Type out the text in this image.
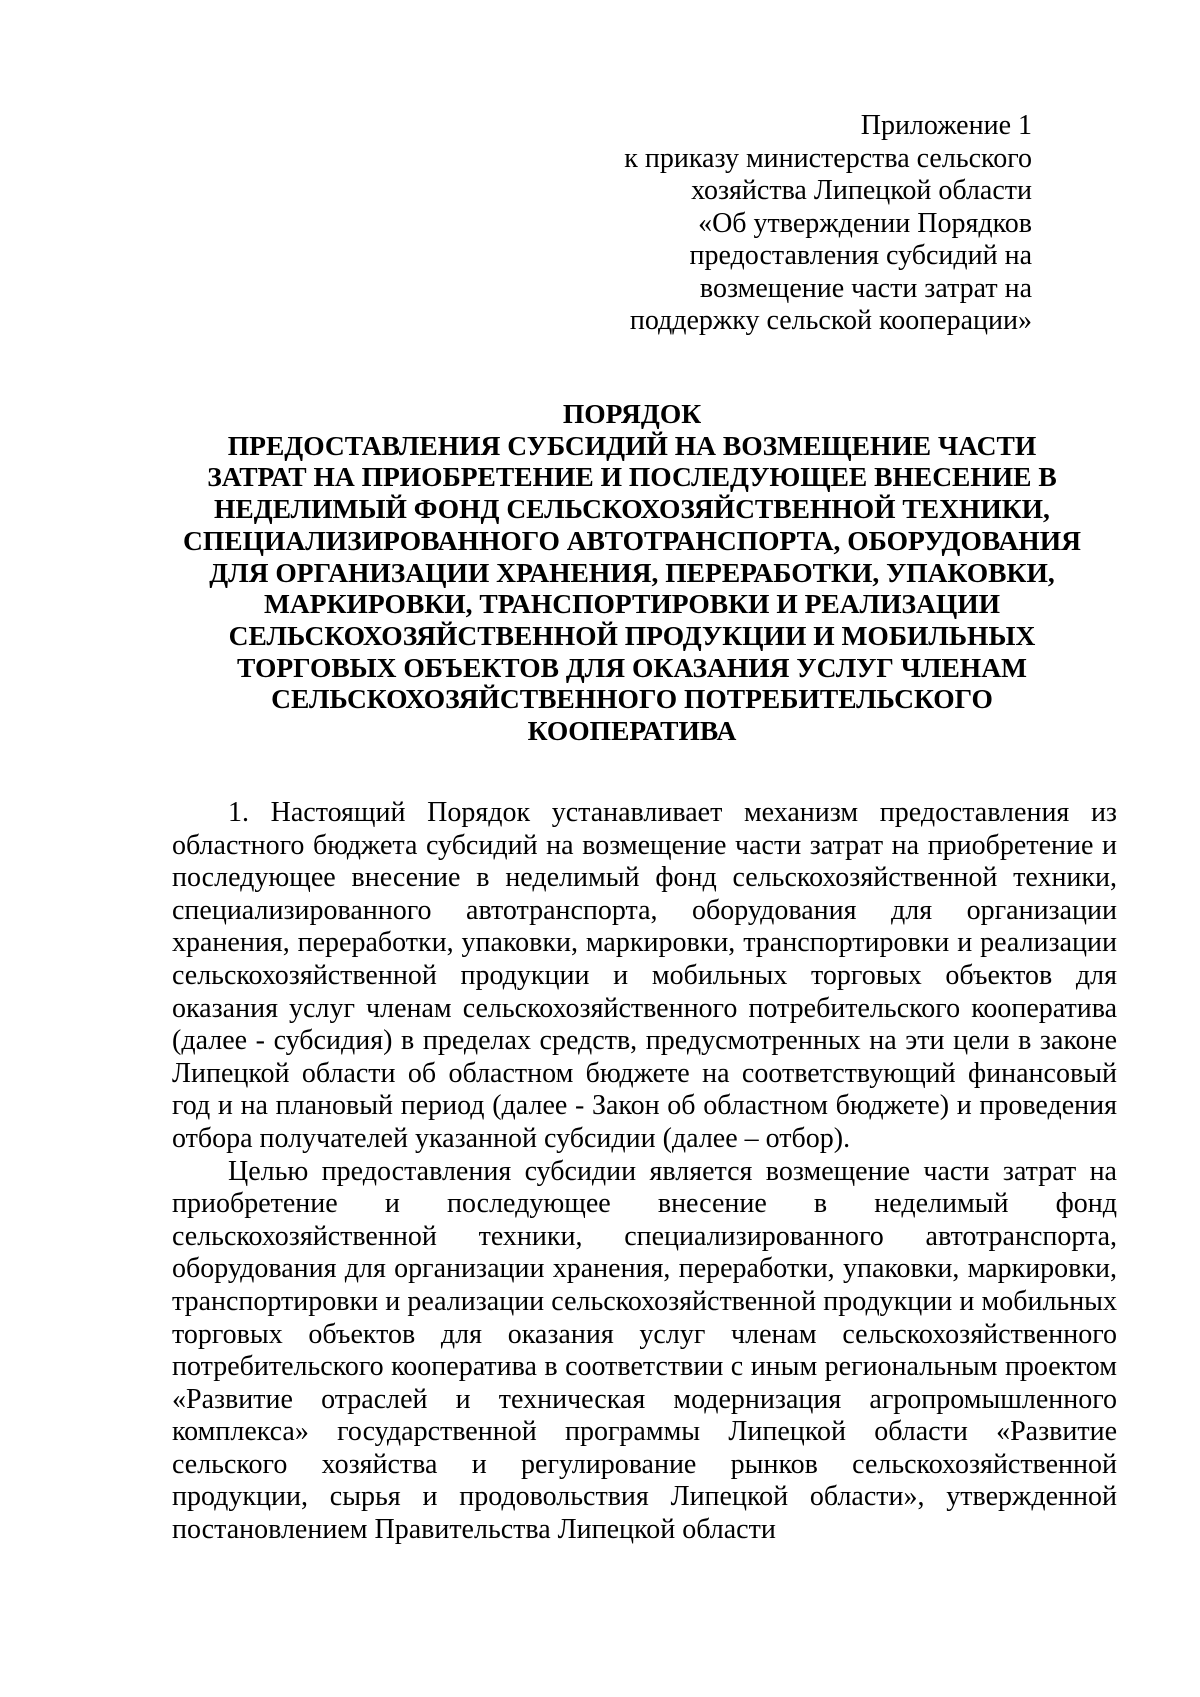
Приложение 1
к приказу министерства сельского
хозяйства Липецкой области
«Об утверждении Порядков
предоставления субсидий на
возмещение части затрат на
поддержку сельской кооперации»
ПОРЯДОК
ПРЕДОСТАВЛЕНИЯ СУБСИДИЙ НА ВОЗМЕЩЕНИЕ ЧАСТИ
ЗАТРАТ НА ПРИОБРЕТЕНИЕ И ПОСЛЕДУЮЩЕЕ ВНЕСЕНИЕ В
НЕДЕЛИМЫЙ ФОНД СЕЛЬСКОХОЗЯЙСТВЕННОЙ ТЕХНИКИ,
СПЕЦИАЛИЗИРОВАННОГО АВТОТРАНСПОРТА, ОБОРУДОВАНИЯ
ДЛЯ ОРГАНИЗАЦИИ ХРАНЕНИЯ, ПЕРЕРАБОТКИ, УПАКОВКИ,
МАРКИРОВКИ, ТРАНСПОРТИРОВКИ И РЕАЛИЗАЦИИ
СЕЛЬСКОХОЗЯЙСТВЕННОЙ ПРОДУКЦИИ И МОБИЛЬНЫХ
ТОРГОВЫХ ОБЪЕКТОВ ДЛЯ ОКАЗАНИЯ УСЛУГ ЧЛЕНАМ
СЕЛЬСКОХОЗЯЙСТВЕННОГО ПОТРЕБИТЕЛЬСКОГО
КООПЕРАТИВА

1. Настоящий Порядок устанавливает механизм предоставления из областного бюджета субсидий на возмещение части затрат на приобретение и последующее внесение в неделимый фонд сельскохозяйственной техники, специализированного автотранспорта, оборудования для организации хранения, переработки, упаковки, маркировки, транспортировки и реализации сельскохозяйственной продукции и мобильных торговых объектов для оказания услуг членам сельскохозяйственного потребительского кооператива (далее - субсидия) в пределах средств, предусмотренных на эти цели в законе Липецкой области об областном бюджете на соответствующий финансовый год и на плановый период (далее - Закон об областном бюджете) и проведения отбора получателей указанной субсидии (далее – отбор).

Целью предоставления субсидии является возмещение части затрат на приобретение и последующее внесение в неделимый фонд сельскохозяйственной техники, специализированного автотранспорта, оборудования для организации хранения, переработки, упаковки, маркировки, транспортировки и реализации сельскохозяйственной продукции и мобильных торговых объектов для оказания услуг членам сельскохозяйственного потребительского кооператива в соответствии с иным региональным проектом «Развитие отраслей и техническая модернизация агропромышленного комплекса» государственной программы Липецкой области «Развитие сельского хозяйства и регулирование рынков сельскохозяйственной продукции, сырья и продовольствия Липецкой области», утвержденной постановлением Правительства Липецкой области
